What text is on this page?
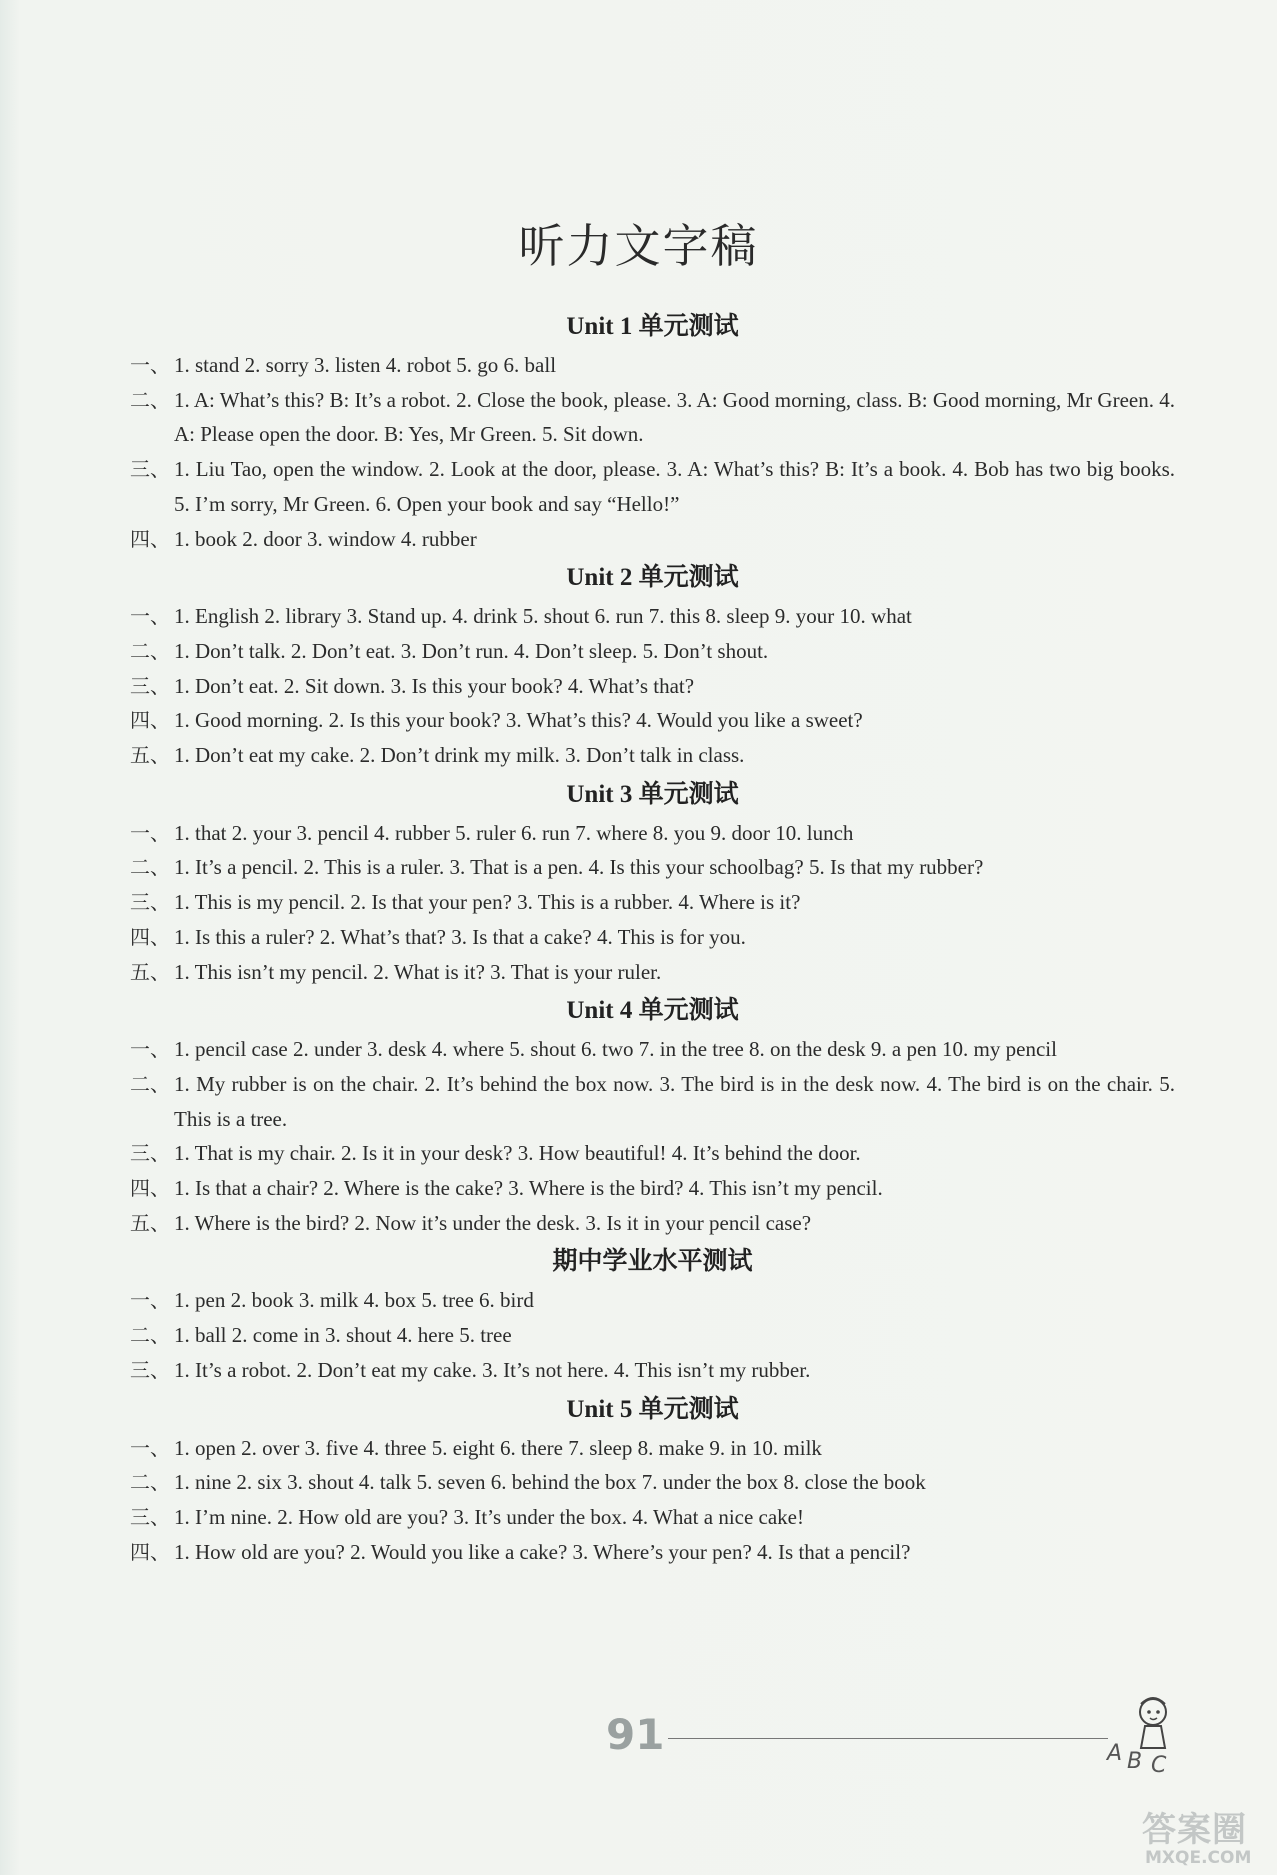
听力文字稿
Unit 1 单元测试
一、 1. stand 2. sorry 3. listen 4. robot 5. go 6. ball
二、 1. A: What’s this? B: It’s a robot. 2. Close the book, please. 3. A: Good morning, class. B: Good morning, Mr Green. 4. A: Please open the door. B: Yes, Mr Green. 5. Sit down.
三、 1. Liu Tao, open the window. 2. Look at the door, please. 3. A: What’s this? B: It’s a book. 4. Bob has two big books. 5. I’m sorry, Mr Green. 6. Open your book and say “Hello!”
四、 1. book 2. door 3. window 4. rubber
Unit 2 单元测试
一、 1. English 2. library 3. Stand up. 4. drink 5. shout 6. run 7. this 8. sleep 9. your 10. what
二、 1. Don’t talk. 2. Don’t eat. 3. Don’t run. 4. Don’t sleep. 5. Don’t shout.
三、 1. Don’t eat. 2. Sit down. 3. Is this your book? 4. What’s that?
四、 1. Good morning. 2. Is this your book? 3. What’s this? 4. Would you like a sweet?
五、 1. Don’t eat my cake. 2. Don’t drink my milk. 3. Don’t talk in class.
Unit 3 单元测试
一、 1. that 2. your 3. pencil 4. rubber 5. ruler 6. run 7. where 8. you 9. door 10. lunch
二、 1. It’s a pencil. 2. This is a ruler. 3. That is a pen. 4. Is this your schoolbag? 5. Is that my rubber?
三、 1. This is my pencil. 2. Is that your pen? 3. This is a rubber. 4. Where is it?
四、 1. Is this a ruler? 2. What’s that? 3. Is that a cake? 4. This is for you.
五、 1. This isn’t my pencil. 2. What is it? 3. That is your ruler.
Unit 4 单元测试
一、 1. pencil case 2. under 3. desk 4. where 5. shout 6. two 7. in the tree 8. on the desk 9. a pen 10. my pencil
二、 1. My rubber is on the chair. 2. It’s behind the box now. 3. The bird is in the desk now. 4. The bird is on the chair. 5. This is a tree.
三、 1. That is my chair. 2. Is it in your desk? 3. How beautiful! 4. It’s behind the door.
四、 1. Is that a chair? 2. Where is the cake? 3. Where is the bird? 4. This isn’t my pencil.
五、 1. Where is the bird? 2. Now it’s under the desk. 3. Is it in your pencil case?
期中学业水平测试
一、 1. pen 2. book 3. milk 4. box 5. tree 6. bird
二、 1. ball 2. come in 3. shout 4. here 5. tree
三、 1. It’s a robot. 2. Don’t eat my cake. 3. It’s not here. 4. This isn’t my rubber.
Unit 5 单元测试
一、 1. open 2. over 3. five 4. three 5. eight 6. there 7. sleep 8. make 9. in 10. milk
二、 1. nine 2. six 3. shout 4. talk 5. seven 6. behind the box 7. under the box 8. close the book
三、 1. I’m nine. 2. How old are you? 3. It’s under the box. 4. What a nice cake!
四、 1. How old are you? 2. Would you like a cake? 3. Where’s your pen? 4. Is that a pencil?
91	A B C
答案圈
MXQE.COM
